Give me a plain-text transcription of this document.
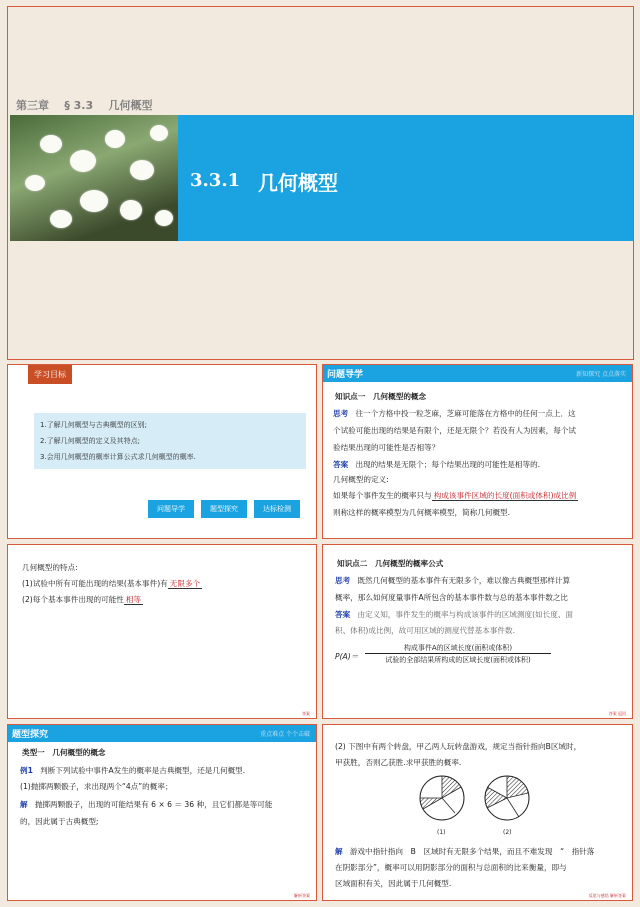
第三章 § 3.3 几何概型
3.3.1 几何概型
学习目标
1.了解几何概型与古典概型的区别;
2.了解几何概型的定义及其特点;
3.会用几何概型的概率计算公式求几何概型的概率.
问题导学	题型探究	达标检测
问题导学	新知探究 点点落实
知识点一　几何概型的概念
思考 往一个方格中投一粒芝麻，芝麻可能落在方格中的任何一点上．这
个试验可能出现的结果是有限个，还是无限个？若没有人为因素，每个试
验结果出现的可能性是否相等？
答案 出现的结果是无限个；每个结果出现的可能性是相等的.
几何概型的定义:
如果每个事件发生的概率只与 构成该事件区域的长度(面积或体积)成比例
则称这样的概率模型为几何概率模型，简称几何概型.
几何概型的特点:
(1)试验中所有可能出现的结果(基本事件)有 无限多个
(2)每个基本事件出现的可能性 相等
答案
知识点二　几何概型的概率公式
思考 既然几何概型的基本事件有无限多个，难以像古典概型那样计算
概率，那么如何度量事件A所包含的基本事件数与总的基本事件数之比
答案 由定义知，事件发生的概率与构成该事件的区域测度(如长度、面
积、体积)成比例，故可用区域的测度代替基本事件数.
P(A)＝
构成事件A的区域长度(面积或体积)
试验的全部结果所构成的区域长度(面积或体积)
答案 返回
题型探究	重点难点 个个击破
类型一　几何概型的概念
例1 判断下列试验中事件A发生的概率是古典概型，还是几何概型.
(1)抛掷两颗骰子，求出现两个“4点”的概率；
解 抛掷两颗骰子，出现的可能结果有 6 × 6 ＝ 36 种，且它们都是等可能
的，因此属于古典概型;
解析答案
(2) 下图中有两个转盘，甲乙两人玩转盘游戏，规定当指针指向B区域时，
甲获胜，否则乙获胜.求甲获胜的概率.
(1)	(2)
解 游戏中指针指向　B　区域时有无限多个结果，而且不难发现　“　指针落
在阴影部分”，概率可以用阴影部分的面积与总面积的比来衡量，即与
区域面积有关，因此属于几何概型.
反思与感悟 解析答案
